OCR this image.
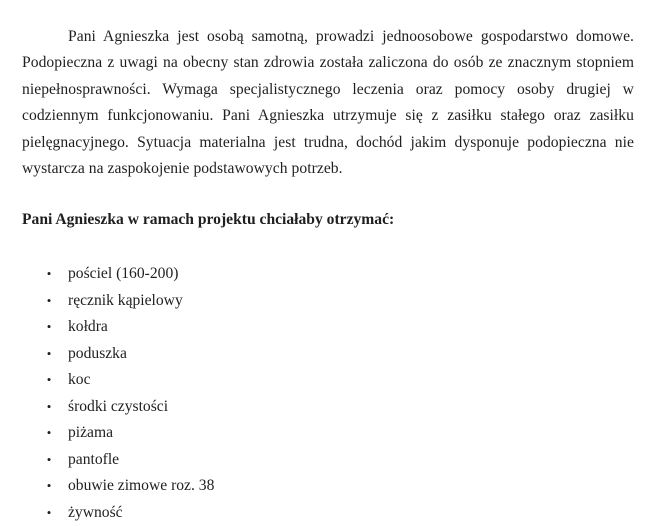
Pani Agnieszka jest osobą samotną, prowadzi jednoosobowe gospodarstwo domowe. Podopieczna z uwagi na obecny stan zdrowia została zaliczona do osób ze znacznym stopniem niepełnosprawności. Wymaga specjalistycznego leczenia oraz pomocy osoby drugiej w codziennym funkcjonowaniu. Pani Agnieszka utrzymuje się z zasiłku stałego oraz zasiłku pielęgnacyjnego. Sytuacja materialna jest trudna, dochód jakim dysponuje podopieczna nie wystarcza na zaspokojenie podstawowych potrzeb.

Pani Agnieszka w ramach projektu chciałaby otrzymać:

• pościel (160-200)
• ręcznik kąpielowy
• kołdra
• poduszka
• koc
• środki czystości
• piżama
• pantofle
• obuwie zimowe roz. 38
• żywność
